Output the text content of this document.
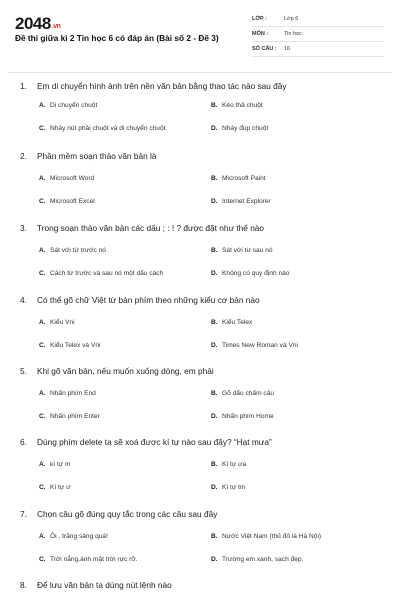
2048.vn
Đề thi giữa kì 2 Tin học 6 có đáp án (Bài số 2 - Đề 3)
LỚP :	Lớp 6
MÔN :	Tin học
SỐ CÂU :	16
1.	Em di chuyển hình ảnh trên nền văn bản bằng thao tác nào sau đây
A. Di chuyển chuột	B. Kéo thả chuột
C. Nháy nút phải chuột và di chuyển chuột	D. Nháy đúp chuột
2.	Phần mềm soạn thảo văn bản là
A. Microsoft Word	B. Microsoft Paint
C. Microsoft Excel	D. Internet Explorer
3.	Trong soạn thảo văn bản các dấu ; : ! ? được đặt như thế nào
A. Sát với từ trước nó	B. Sát với từ sau nó
C. Cách từ trước và sau nó một dấu cách	D. Không có quy định nào
4.	Có thể gõ chữ Việt từ bàn phím theo những kiểu cơ bản nào
A. Kiểu Vni	B. Kiểu Telex
C. Kiểu Telex và Vni	D. Times New Roman và Vni
5.	Khi gõ văn bản, nếu muốn xuống dòng, em phải
A. Nhấn phím End	B. Gõ dấu chấm câu
C. Nhấn phím Enter	D. Nhấn phím Home
6.	Dùng phím delete ta sẽ xoá được kí tự nào sau đây? “Hạt mưa”
A. kí tự m	B. Kí tự ưa
C. Kí tự ư	D. Kí tự tm
7.	Chọn câu gõ đúng quy tắc trong các câu sau đây
A. Ôi , trăng sáng quá!	B. Nước Việt Nam (thủ đô là Hà Nội)
C. Trời nắng,ánh mặt trời rực rỡ.	D. Trường em xanh, sạch đẹp.
8.	Để lưu văn bản ta dùng nút lệnh nào
